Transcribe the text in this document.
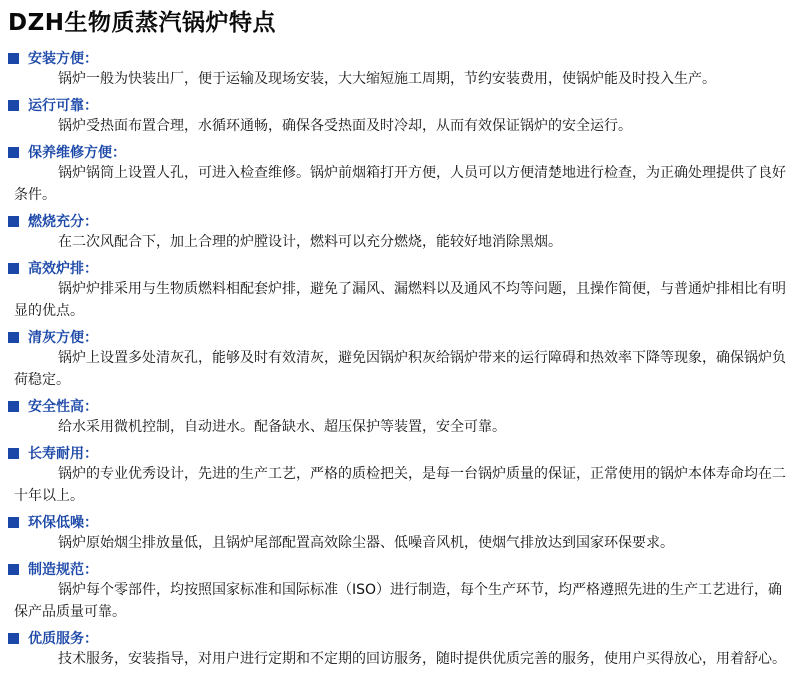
DZH生物质蒸汽锅炉特点
安装方便：
锅炉一般为快装出厂，便于运输及现场安装，大大缩短施工周期，节约安装费用，使锅炉能及时投入生产。
运行可靠：
锅炉受热面布置合理，水循环通畅，确保各受热面及时冷却，从而有效保证锅炉的安全运行。
保养维修方便：
锅炉锅筒上设置人孔，可进入检查维修。锅炉前烟箱打开方便，人员可以方便清楚地进行检查，为正确处理提供了良好条件。
燃烧充分：
在二次风配合下，加上合理的炉膛设计，燃料可以充分燃烧，能较好地消除黑烟。
高效炉排：
锅炉炉排采用与生物质燃料相配套炉排，避免了漏风、漏燃料以及通风不均等问题，且操作简便，与普通炉排相比有明显的优点。
清灰方便：
锅炉上设置多处清灰孔，能够及时有效清灰，避免因锅炉积灰给锅炉带来的运行障碍和热效率下降等现象，确保锅炉负荷稳定。
安全性高：
给水采用微机控制，自动进水。配备缺水、超压保护等装置，安全可靠。
长寿耐用：
锅炉的专业优秀设计，先进的生产工艺，严格的质检把关，是每一台锅炉质量的保证，正常使用的锅炉本体寿命均在二十年以上。
环保低噪：
锅炉原始烟尘排放量低，且锅炉尾部配置高效除尘器、低噪音风机，使烟气排放达到国家环保要求。
制造规范：
锅炉每个零部件，均按照国家标准和国际标准（ISO）进行制造，每个生产环节，均严格遵照先进的生产工艺进行，确保产品质量可靠。
优质服务：
技术服务，安装指导，对用户进行定期和不定期的回访服务，随时提供优质完善的服务，使用户买得放心，用着舒心。
